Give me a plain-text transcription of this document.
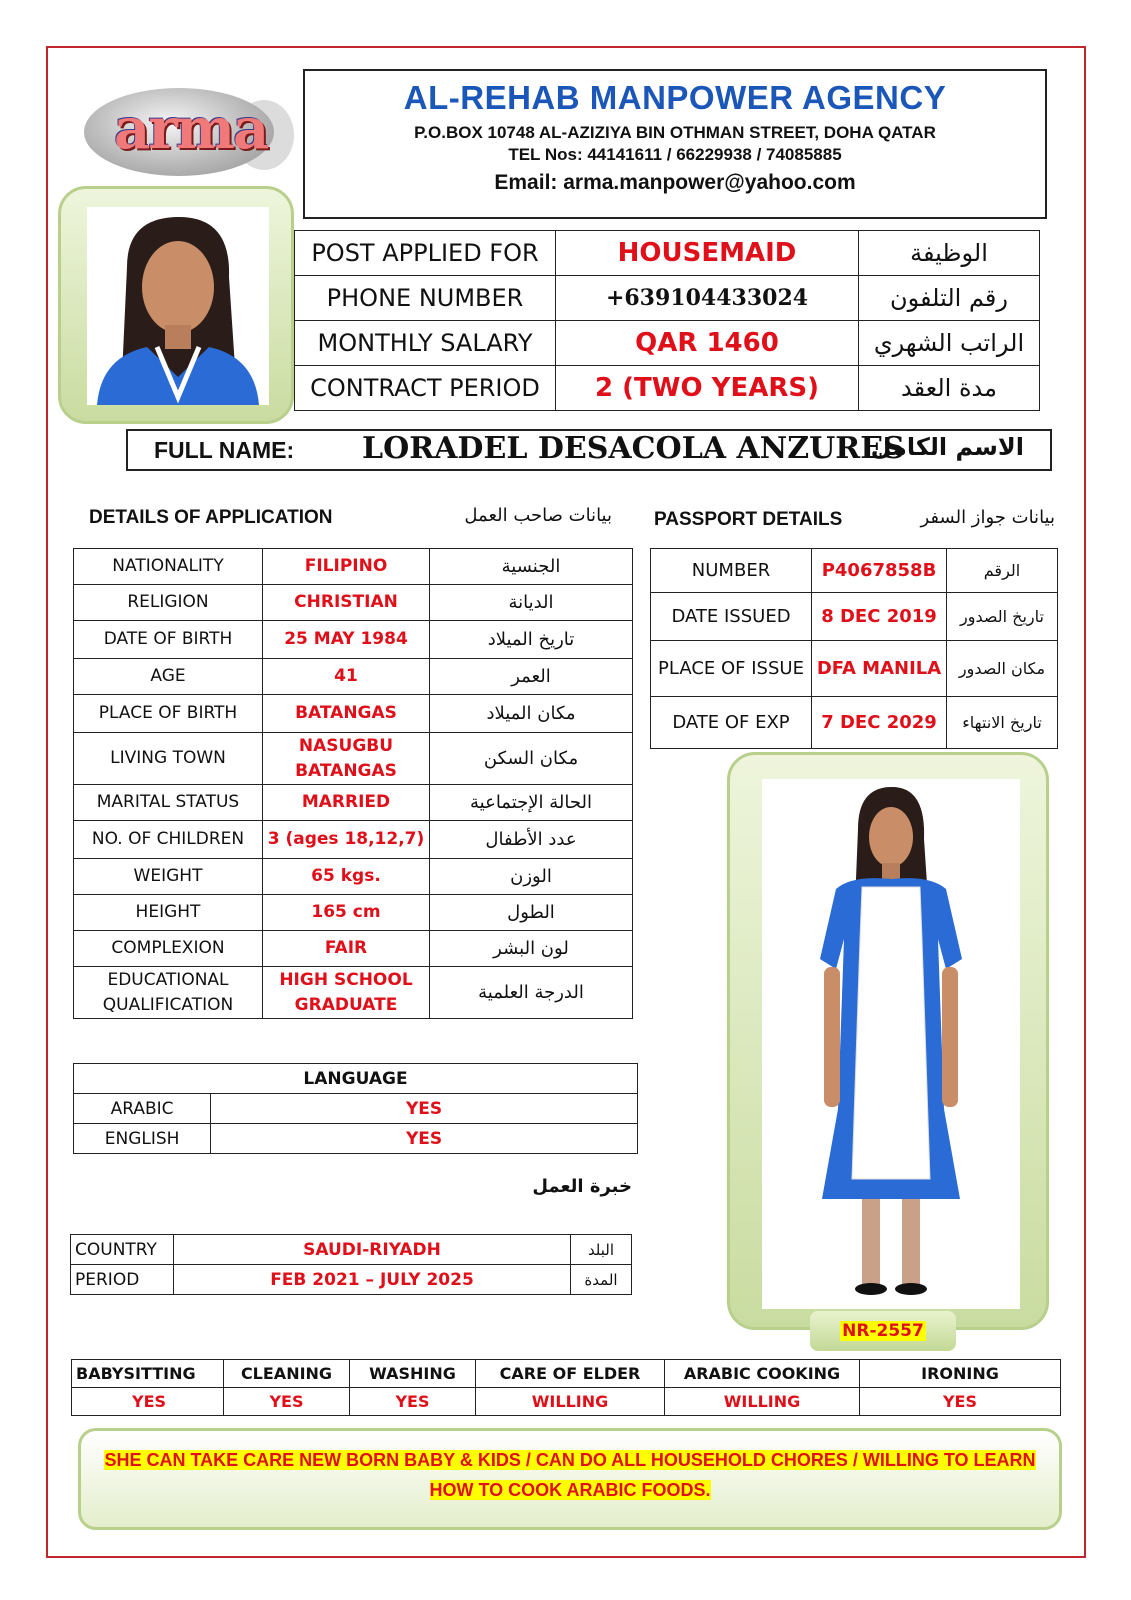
arma	AL-REHAB MANPOWER AGENCY
P.O.BOX 10748 AL-AZIZIYA BIN OTHMAN STREET, DOHA QATAR
TEL Nos: 44141611 / 66229938 / 74085885
Email: arma.manpower@yahoo.com
POST APPLIED FOR	HOUSEMAID	الوظيفة
PHONE NUMBER	+639104433024	رقم التلفون
MONTHLY SALARY	QAR 1460	الراتب الشهري
CONTRACT PERIOD	2 (TWO YEARS)	مدة العقد
FULL NAME: LORADEL DESACOLA ANZURES
الاسم الكامل
DETAILS OF APPLICATION	بيانات صاحب العمل PASSPORT DETAILS	بيانات جواز السفر
NATIONALITY	FILIPINO	الجنسية
RELIGION	CHRISTIAN	الديانة
DATE OF BIRTH	25 MAY 1984	تاريخ الميلاد
AGE	41	العمر
PLACE OF BIRTH	BATANGAS	مكان الميلاد
LIVING TOWN	NASUGBU BATANGAS	مكان السكن
MARITAL STATUS	MARRIED	الحالة الإجتماعية
NO. OF CHILDREN	3 (ages 18,12,7)	عدد الأطفال
WEIGHT	65 kgs.	الوزن
HEIGHT	165 cm	الطول
COMPLEXION	FAIR	لون البشر
EDUCATIONAL QUALIFICATION	HIGH SCHOOL GRADUATE	الدرجة العلمية
NUMBER	P4067858B	الرقم
DATE ISSUED	8 DEC 2019	تاريخ الصدور
PLACE OF ISSUE	DFA MANILA	مكان الصدور
DATE OF EXP	7 DEC 2029	تاريخ الانتهاء
NR-2557
LANGUAGE	
ARABIC	YES
ENGLISH	YES
خبرة العمل
COUNTRY	SAUDI-RIYADH	البلد
PERIOD	FEB 2021 – JULY 2025	المدة
BABYSITTING	CLEANING	WASHING	CARE OF ELDER	ARABIC COOKING	IRONING
YES	YES	YES	WILLING	WILLING	YES
SHE CAN TAKE CARE NEW BORN BABY & KIDS / CAN DO ALL HOUSEHOLD CHORES / WILLING TO LEARN HOW TO COOK ARABIC FOODS.
